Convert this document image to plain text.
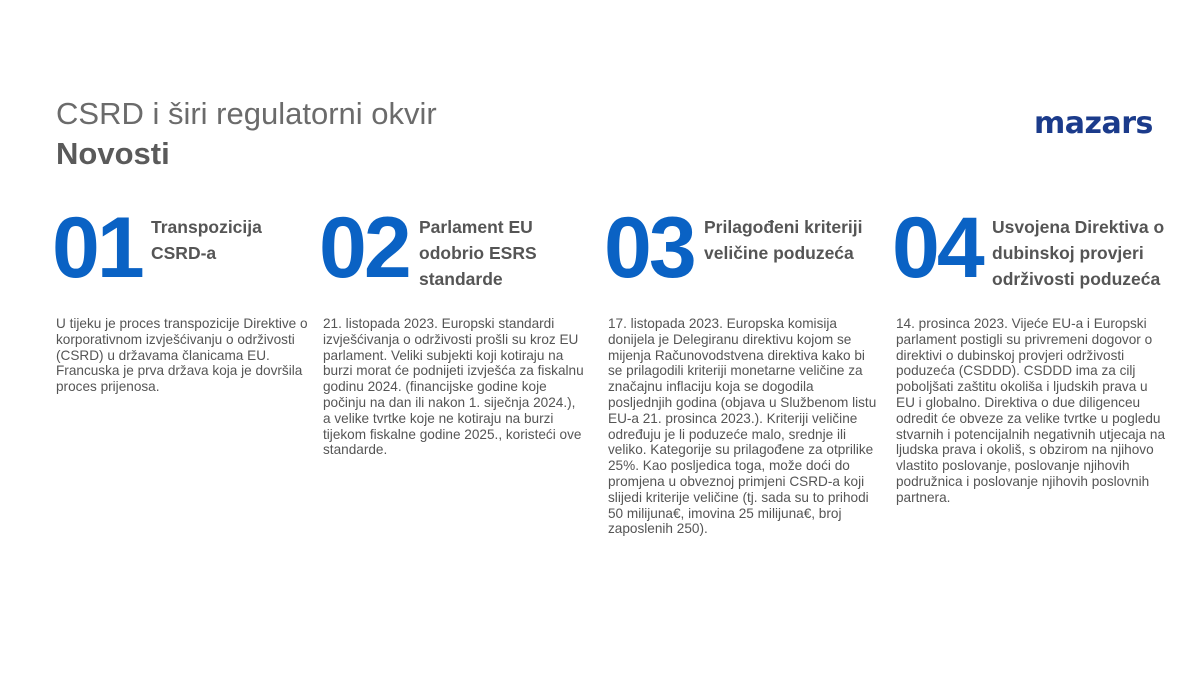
CSRD i širi regulatorni okvir
Novosti
mazars
01 Transpozicija CSRD-a
U tijeku je proces transpozicije Direktive o korporativnom izvješćivanju o održivosti (CSRD) u državama članicama EU. Francuska je prva država koja je dovršila proces prijenosa.
02 Parlament EU odobrio ESRS standarde
21. listopada 2023. Europski standardi izvješćivanja o održivosti prošli su kroz EU parlament. Veliki subjekti koji kotiraju na burzi morat će podnijeti izvješća za fiskalnu godinu 2024. (financijske godine koje počinju na dan ili nakon 1. siječnja 2024.), a velike tvrtke koje ne kotiraju na burzi tijekom fiskalne godine 2025., koristeći ove standarde.
03 Prilagođeni kriteriji veličine poduzeća
17. listopada 2023. Europska komisija donijela je Delegiranu direktivu kojom se mijenja Računovodstvena direktiva kako bi se prilagodili kriteriji monetarne veličine za značajnu inflaciju koja se dogodila posljednjih godina (objava u Službenom listu EU-a 21. prosinca 2023.). Kriteriji veličine određuju je li poduzeće malo, srednje ili veliko. Kategorije su prilagođene za otprilike 25%. Kao posljedica toga, može doći do promjena u obveznoj primjeni CSRD-a koji slijedi kriterije veličine (tj. sada su to prihodi 50 milijuna€, imovina 25 milijuna€, broj zaposlenih 250).
04 Usvojena Direktiva o dubinskoj provjeri održivosti poduzeća
14. prosinca 2023. Vijeće EU-a i Europski parlament postigli su privremeni dogovor o direktivi o dubinskoj provjeri održivosti poduzeća (CSDDD). CSDDD ima za cilj poboljšati zaštitu okoliša i ljudskih prava u EU i globalno. Direktiva o due diligenceu odredit će obveze za velike tvrtke u pogledu stvarnih i potencijalnih negativnih utjecaja na ljudska prava i okoliš, s obzirom na njihovo vlastito poslovanje, poslovanje njihovih podružnica i poslovanje njihovih poslovnih partnera.
